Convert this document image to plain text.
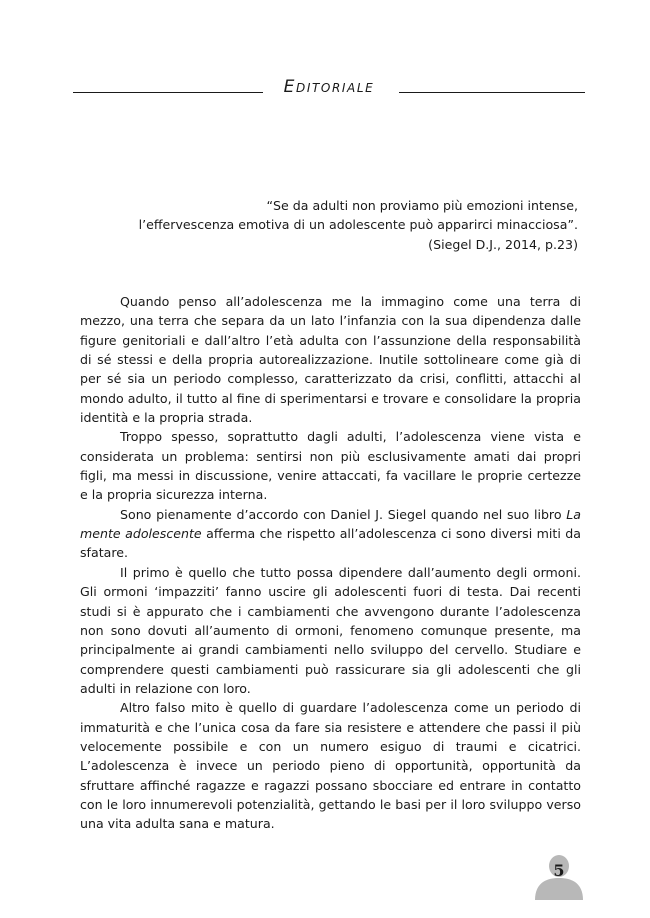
Editoriale

“Se da adulti non proviamo più emozioni intense,

l’effervescenza emotiva di un adolescente può apparirci minacciosa”.

(Siegel D.J., 2014, p.23)

Quando penso all’adolescenza me la immagino come una terra di mezzo, una terra che separa da un lato l’infanzia con la sua dipendenza dalle figure genitoriali e dall’altro l’età adulta con l’assunzione della responsabilità di sé stessi e della propria autorealizzazione. Inutile sottolineare come già di per sé sia un periodo complesso, caratterizzato da crisi, conflitti, attacchi al mondo adulto, il tutto al fine di sperimentarsi e trovare e consolidare la propria identità e la propria strada.

Troppo spesso, soprattutto dagli adulti, l’adolescenza viene vista e considerata un problema: sentirsi non più esclusivamente amati dai propri figli, ma messi in discussione, venire attaccati, fa vacillare le proprie certezze e la propria sicurezza interna.

Sono pienamente d’accordo con Daniel J. Siegel quando nel suo libro La mente adolescente afferma che rispetto all’adolescenza ci sono diversi miti da sfatare.

Il primo è quello che tutto possa dipendere dall’aumento degli ormoni. Gli ormoni ‘impazziti’ fanno uscire gli adolescenti fuori di testa. Dai recenti studi si è appurato che i cambiamenti che avvengono durante l’adolescenza non sono dovuti all’aumento di ormoni, fenomeno comunque presente, ma principalmente ai grandi cambiamenti nello sviluppo del cervello. Studiare e comprendere questi cambiamenti può rassicurare sia gli adolescenti che gli adulti in relazione con loro.

Altro falso mito è quello di guardare l’adolescenza come un periodo di immaturità e che l’unica cosa da fare sia resistere e attendere che passi il più velocemente possibile e con un numero esiguo di traumi e cicatrici. L’adolescenza è invece un periodo pieno di opportunità, opportunità da sfruttare affinché ragazze e ragazzi possano sbocciare ed entrare in contatto con le loro innumerevoli potenzialità, gettando le basi per il loro sviluppo verso una vita adulta sana e matura.

5
